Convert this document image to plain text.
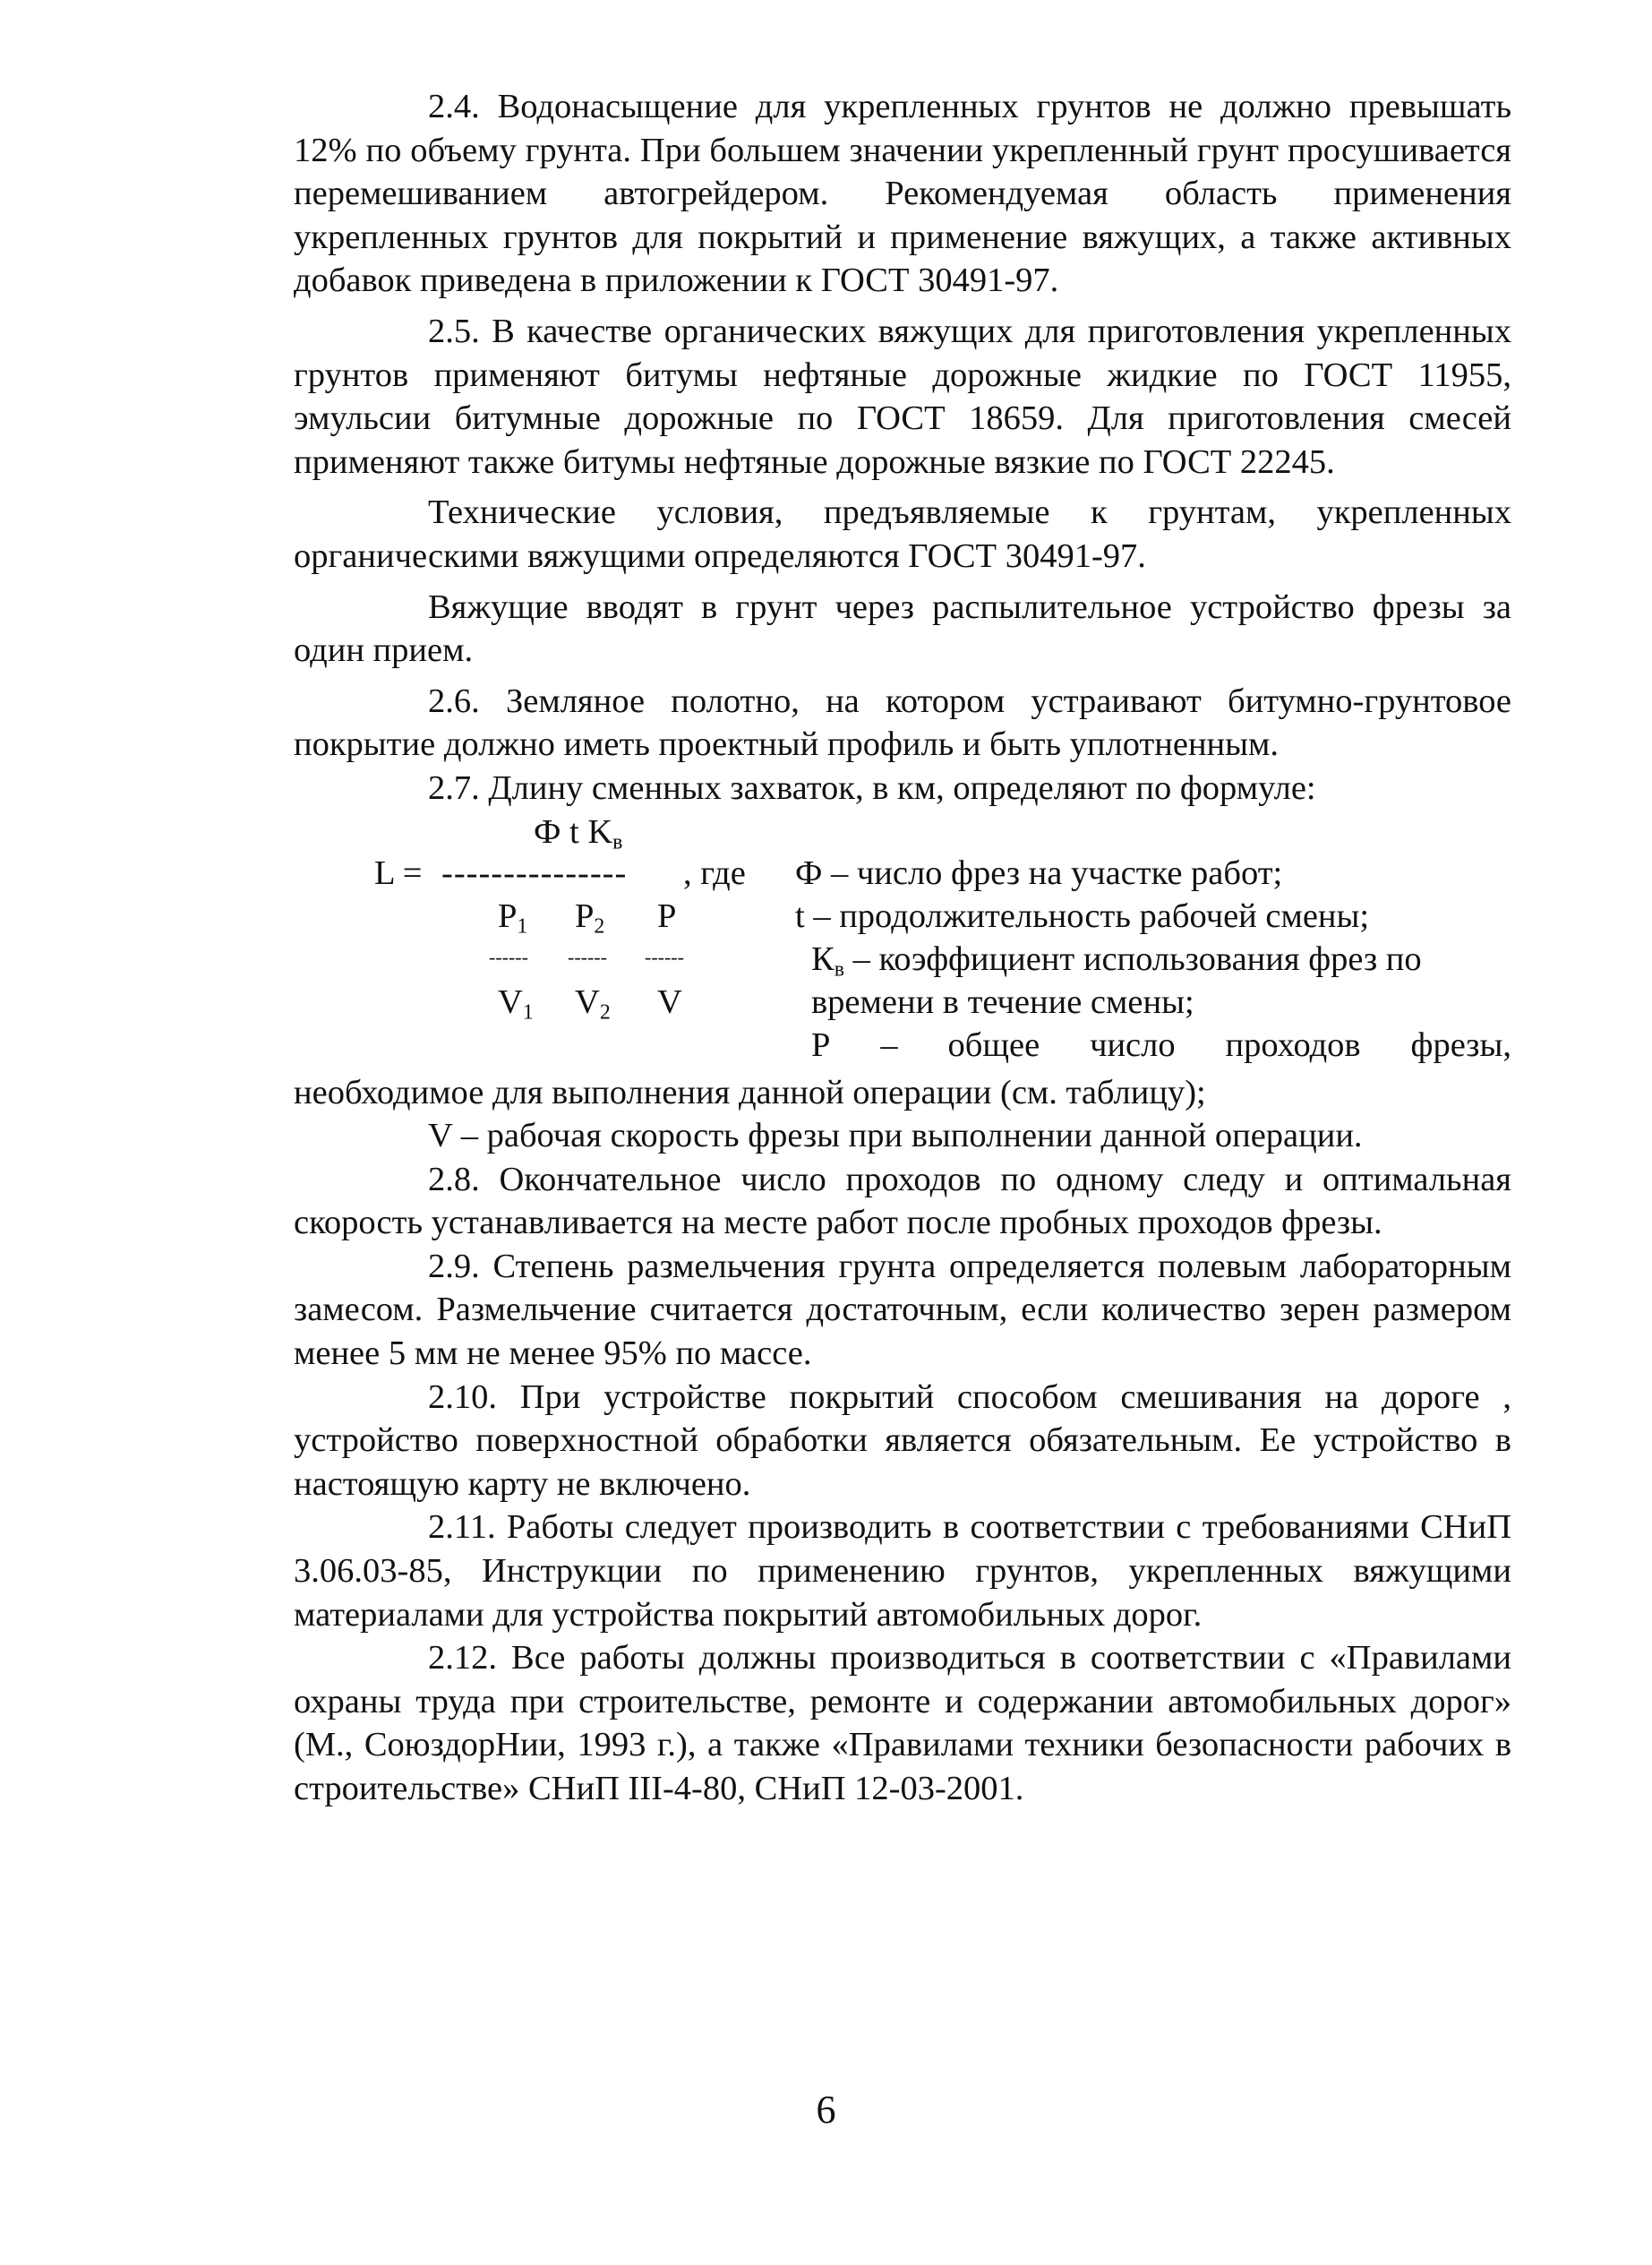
2.4. Водонасыщение для укрепленных грунтов не должно превышать 12% по объему грунта. При большем значении укрепленный грунт просушивается перемешиванием автогрейдером. Рекомендуемая область применения укрепленных грунтов для покрытий и применение вяжущих, а также активных добавок приведена в приложении к ГОСТ 30491-97.

2.5. В качестве органических вяжущих для приготовления укрепленных грунтов применяют битумы нефтяные дорожные жидкие по ГОСТ 11955, эмульсии битумные дорожные по ГОСТ 18659. Для приготовления смесей применяют также битумы нефтяные дорожные вязкие по ГОСТ 22245.

Технические условия, предъявляемые к грунтам, укрепленных органическими вяжущими определяются ГОСТ 30491-97.

Вяжущие вводят в грунт через распылительное устройство фрезы за один прием.

2.6. Земляное полотно, на котором устраивают битумно-грунтовое покрытие должно иметь проектный профиль и быть уплотненным.

2.7. Длину сменных захваток, в км, определяют по формуле:

Ф t $K_в$
L = --------------- , где Ф – число фрез на участке работ;
$P_1$ $P_2$ P	t – продолжительность рабочей смены;
------ ------ ------	$К_в$ – коэффициент использования фрез по
$V_1$ $V_2$ V	времени в течение смены;
Р – общее число проходов фрезы,

необходимое для выполнения данной операции (см. таблицу);

V – рабочая скорость фрезы при выполнении данной операции.

2.8. Окончательное число проходов по одному следу и оптимальная скорость устанавливается на месте работ после пробных проходов фрезы.

2.9. Степень размельчения грунта определяется полевым лабораторным замесом. Размельчение считается достаточным, если количество зерен размером менее 5 мм не менее 95% по массе.

2.10. При устройстве покрытий способом смешивания на дороге , устройство поверхностной обработки является обязательным. Ее устройство в настоящую карту не включено.

2.11. Работы следует производить в соответствии с требованиями СНиП 3.06.03-85, Инструкции по применению грунтов, укрепленных вяжущими материалами для устройства покрытий автомобильных дорог.

2.12. Все работы должны производиться в соответствии с «Правилами охраны труда при строительстве, ремонте и содержании автомобильных дорог» (М., СоюздорНии, 1993 г.), а также «Правилами техники безопасности рабочих в строительстве» СНиП III-4-80, СНиП 12-03-2001.

6
